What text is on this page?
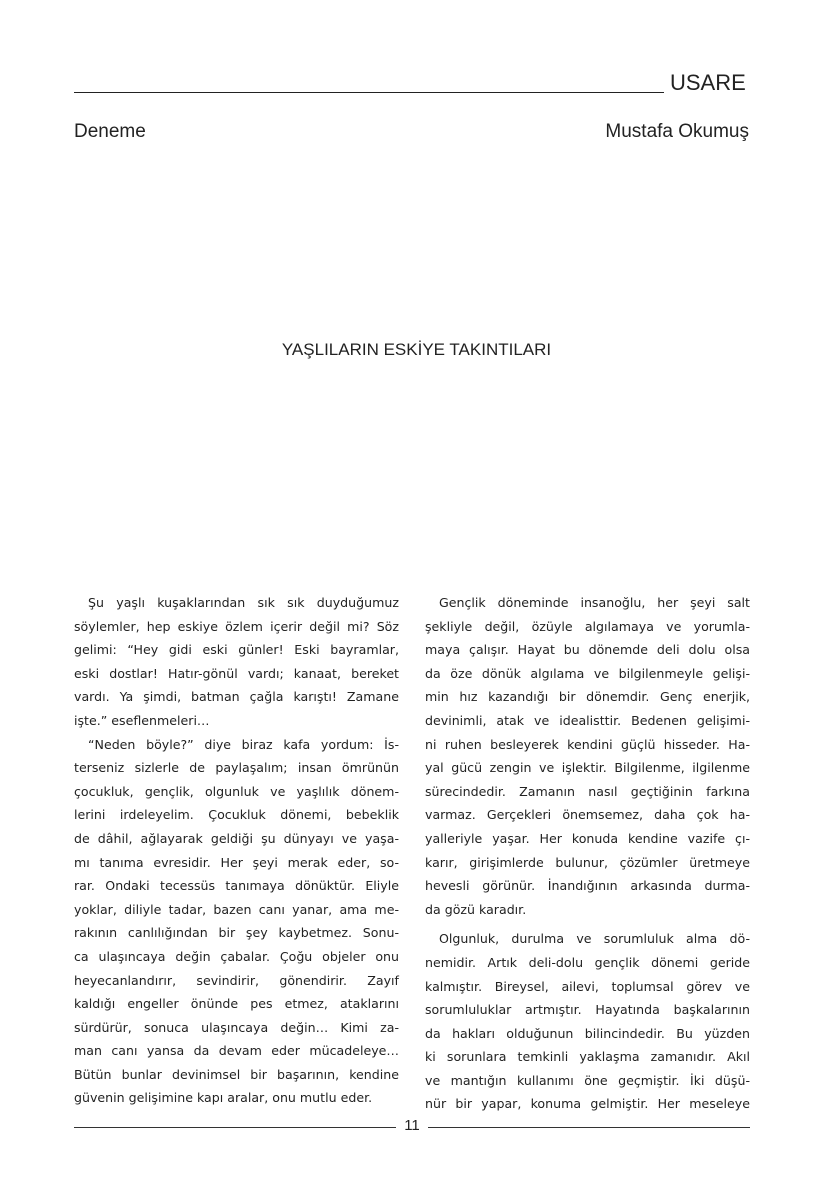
USARE
Deneme	Mustafa Okumuş
YAŞLILARIN ESKİYE TAKINTILARI
Şu yaşlı kuşaklarından sık sık duyduğumuz
söylemler, hep eskiye özlem içerir değil mi? Söz
gelimi: “Hey gidi eski günler! Eski bayramlar,
eski dostlar! Hatır-gönül vardı; kanaat, bereket
vardı. Ya şimdi, batman çağla karıştı! Zamane
işte.” eseflenmeleri…
“Neden böyle?” diye biraz kafa yordum: İs-
terseniz sizlerle de paylaşalım; insan ömrünün
çocukluk, gençlik, olgunluk ve yaşlılık dönem-
lerini irdeleyelim. Çocukluk dönemi, bebeklik
de dâhil, ağlayarak geldiği şu dünyayı ve yaşa-
mı tanıma evresidir. Her şeyi merak eder, so-
rar. Ondaki tecessüs tanımaya dönüktür. Eliyle
yoklar, diliyle tadar, bazen canı yanar, ama me-
rakının canlılığından bir şey kaybetmez. Sonu-
ca ulaşıncaya değin çabalar. Çoğu objeler onu
heyecanlandırır, sevindirir, gönendirir. Zayıf
kaldığı engeller önünde pes etmez, ataklarını
sürdürür, sonuca ulaşıncaya değin… Kimi za-
man canı yansa da devam eder mücadeleye…
Bütün bunlar devinimsel bir başarının, kendine
güvenin gelişimine kapı aralar, onu mutlu eder.
Gençlik döneminde insanoğlu, her şeyi salt
şekliyle değil, özüyle algılamaya ve yorumla-
maya çalışır. Hayat bu dönemde deli dolu olsa
da öze dönük algılama ve bilgilenmeyle gelişi-
min hız kazandığı bir dönemdir. Genç enerjik,
devinimli, atak ve idealisttir. Bedenen gelişimi-
ni ruhen besleyerek kendini güçlü hisseder. Ha-
yal gücü zengin ve işlektir. Bilgilenme, ilgilenme
sürecindedir. Zamanın nasıl geçtiğinin farkına
varmaz. Gerçekleri önemsemez, daha çok ha-
yalleriyle yaşar. Her konuda kendine vazife çı-
karır, girişimlerde bulunur, çözümler üretmeye
hevesli görünür. İnandığının arkasında durma-
da gözü karadır.
Olgunluk, durulma ve sorumluluk alma dö-
nemidir. Artık deli-dolu gençlik dönemi geride
kalmıştır. Bireysel, ailevi, toplumsal görev ve
sorumluluklar artmıştır. Hayatında başkalarının
da hakları olduğunun bilincindedir. Bu yüzden
ki sorunlara temkinli yaklaşma zamanıdır. Akıl
ve mantığın kullanımı öne geçmiştir. İki düşü-
nür bir yapar, konuma gelmiştir. Her meseleye
11
